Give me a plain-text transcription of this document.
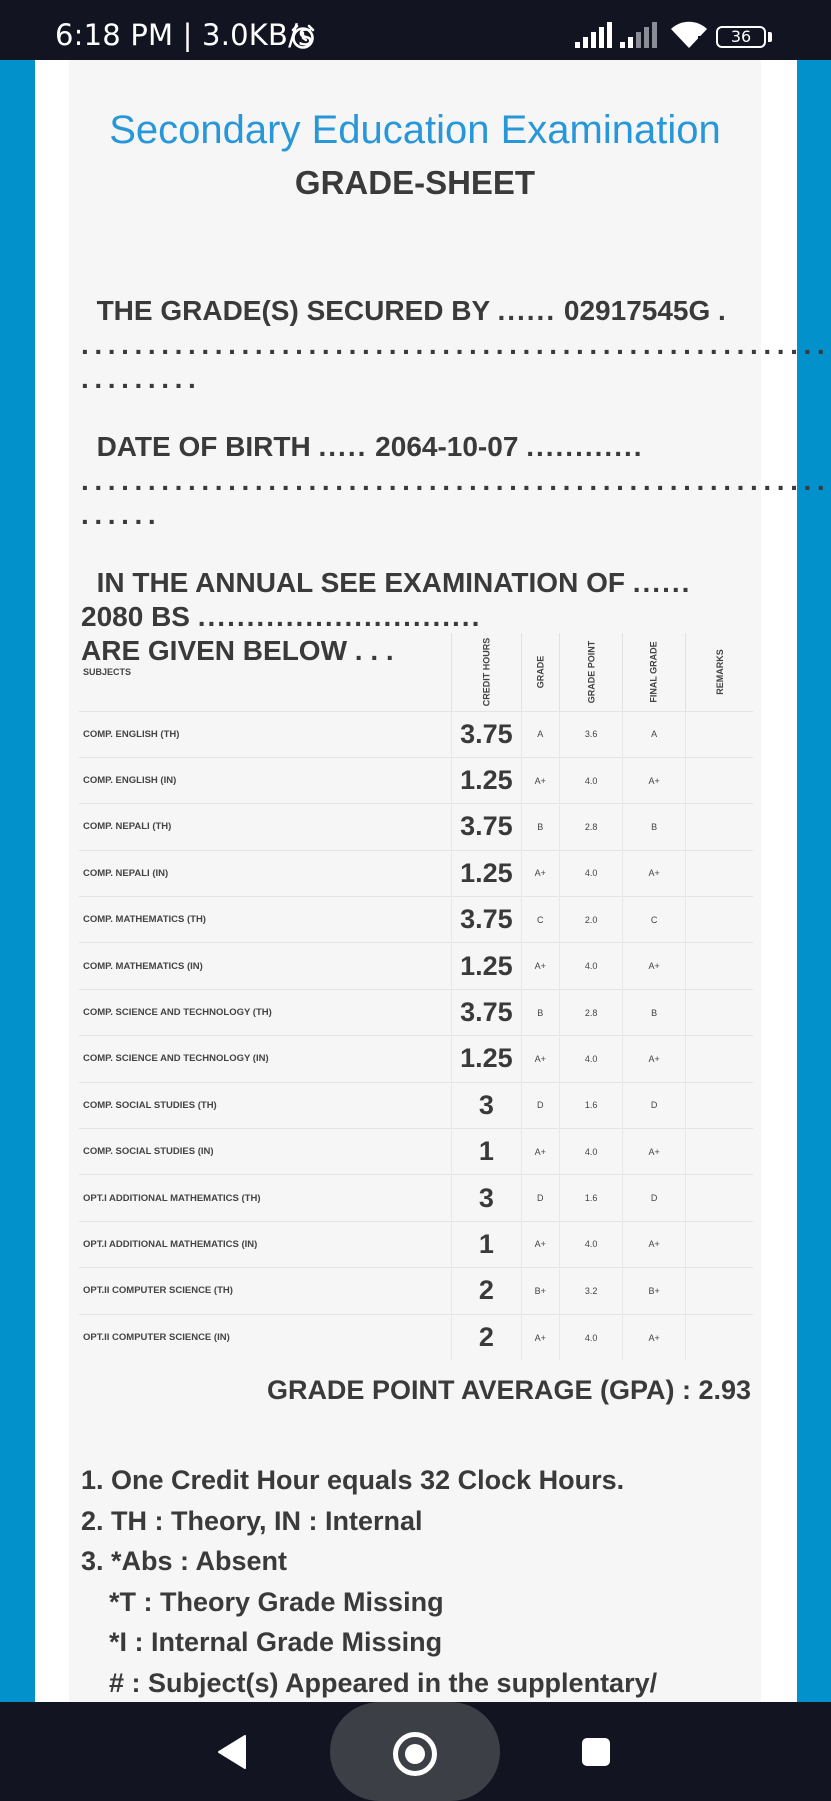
6:18 PM | 3.0KB/s	36
Secondary Education Examination
GRADE-SHEET
THE GRADE(S) SECURED BY ...... 02917545G .
........................................................
.........
DATE OF BIRTH ..... 2064-10-07 ............
........................................................
......
IN THE ANNUAL SEE EXAMINATION OF ......
2080 BS .............................
ARE GIVEN BELOW . . .
SUBJECTS	CREDIT HOURS	GRADE	GRADE POINT	FINAL GRADE	REMARKS
COMP. ENGLISH (TH)	3.75	A	3.6	A	
COMP. ENGLISH (IN)	1.25	A+	4.0	A+	
COMP. NEPALI (TH)	3.75	B	2.8	B	
COMP. NEPALI (IN)	1.25	A+	4.0	A+	
COMP. MATHEMATICS (TH)	3.75	C	2.0	C	
COMP. MATHEMATICS (IN)	1.25	A+	4.0	A+	
COMP. SCIENCE AND TECHNOLOGY (TH)	3.75	B	2.8	B	
COMP. SCIENCE AND TECHNOLOGY (IN)	1.25	A+	4.0	A+	
COMP. SOCIAL STUDIES (TH)	3	D	1.6	D	
COMP. SOCIAL STUDIES (IN)	1	A+	4.0	A+	
OPT.I ADDITIONAL MATHEMATICS (TH)	3	D	1.6	D	
OPT.I ADDITIONAL MATHEMATICS (IN)	1	A+	4.0	A+	
OPT.II COMPUTER SCIENCE (TH)	2	B+	3.2	B+	
OPT.II COMPUTER SCIENCE (IN)	2	A+	4.0	A+	
GRADE POINT AVERAGE (GPA) : 2.93
1. One Credit Hour equals 32 Clock Hours.
2. TH : Theory, IN : Internal
3. *Abs : Absent
*T : Theory Grade Missing
*I : Internal Grade Missing
# : Subject(s) Appeared in the supplentary/
